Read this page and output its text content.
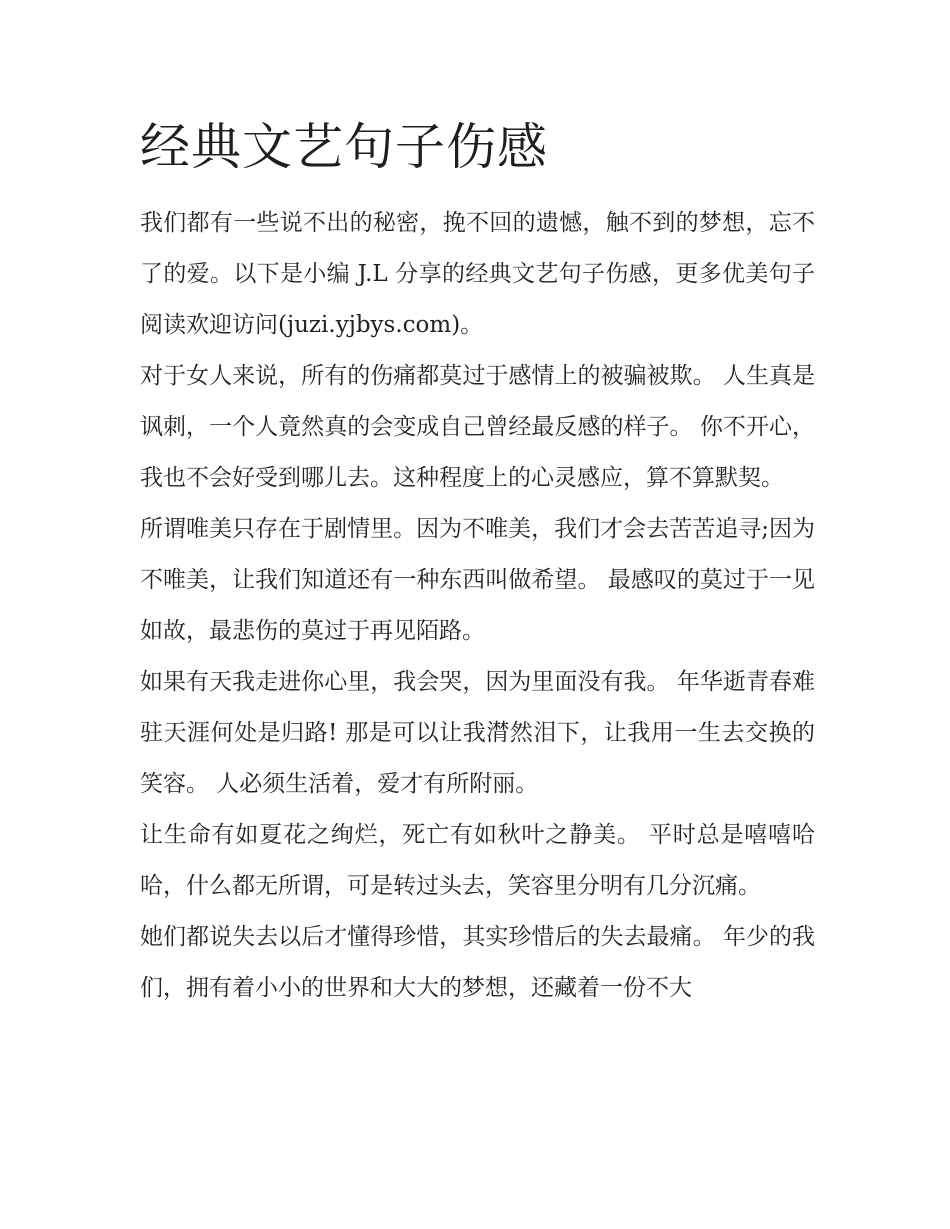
经典文艺句子伤感

我们都有一些说不出的秘密，挽不回的遗憾，触不到的梦想，忘不了的爱。以下是小编 J.L 分享的经典文艺句子伤感，更多优美句子阅读欢迎访问(juzi.yjbys.com)。

对于女人来说，所有的伤痛都莫过于感情上的被骗被欺。 人生真是讽刺，一个人竟然真的会变成自己曾经最反感的样子。 你不开心，我也不会好受到哪儿去。这种程度上的心灵感应，算不算默契。

所谓唯美只存在于剧情里。因为不唯美，我们才会去苦苦追寻;因为不唯美，让我们知道还有一种东西叫做希望。 最感叹的莫过于一见如故，最悲伤的莫过于再见陌路。

如果有天我走进你心里，我会哭，因为里面没有我。 年华逝青春难驻天涯何处是归路! 那是可以让我潸然泪下，让我用一生去交换的笑容。 人必须生活着，爱才有所附丽。

让生命有如夏花之绚烂，死亡有如秋叶之静美。 平时总是嘻嘻哈哈，什么都无所谓，可是转过头去，笑容里分明有几分沉痛。

她们都说失去以后才懂得珍惜，其实珍惜后的失去最痛。 年少的我们，拥有着小小的世界和大大的梦想，还藏着一份不大
